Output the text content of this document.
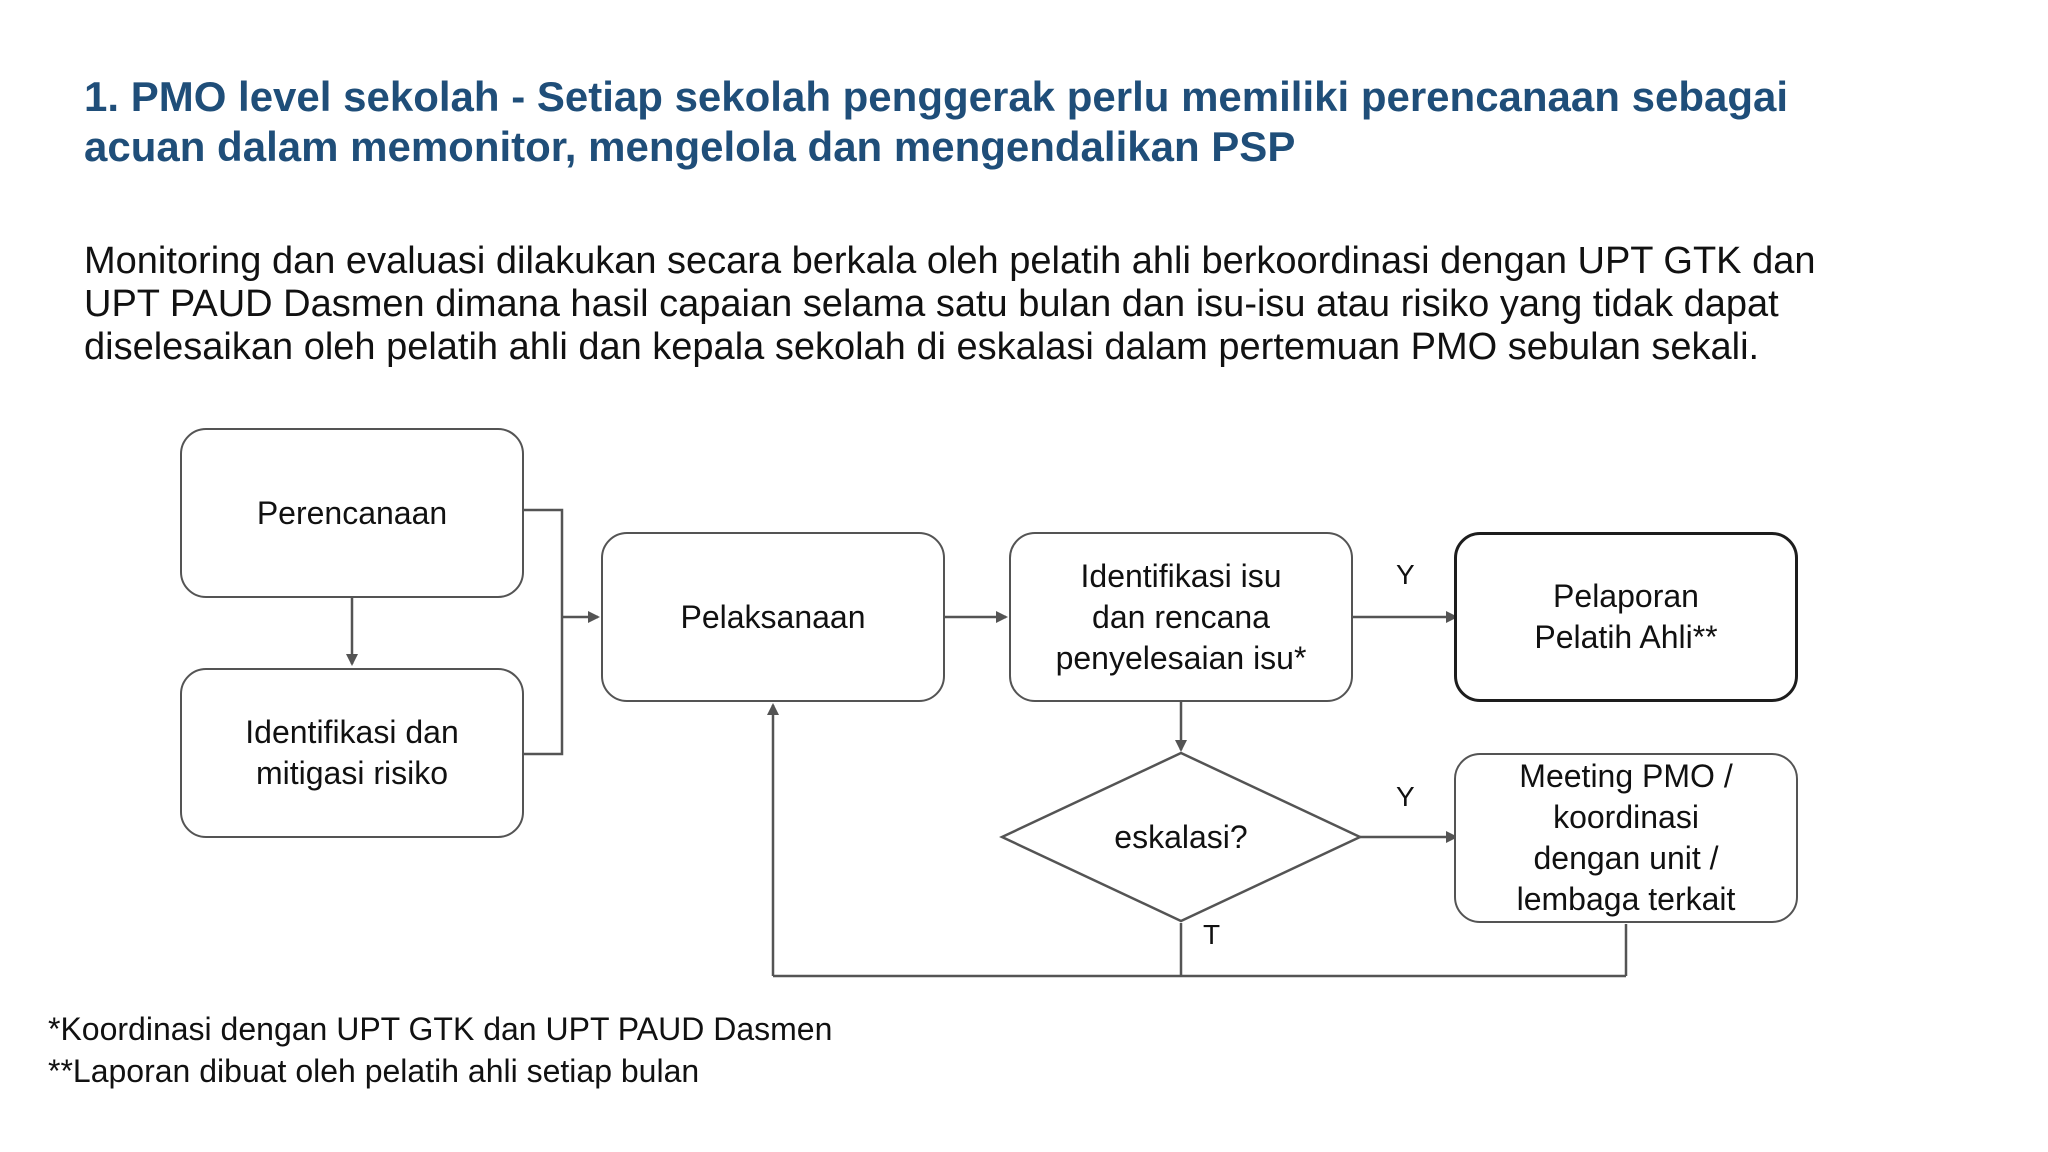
1. PMO level sekolah - Setiap sekolah penggerak perlu memiliki perencanaan sebagai
acuan dalam memonitor, mengelola dan mengendalikan PSP

Monitoring dan evaluasi dilakukan secara berkala oleh pelatih ahli berkoordinasi dengan UPT GTK dan
UPT PAUD Dasmen dimana hasil capaian selama satu bulan dan isu-isu atau risiko yang tidak dapat
diselesaikan oleh pelatih ahli dan kepala sekolah di eskalasi dalam pertemuan PMO sebulan sekali.

Perencanaan
Identifikasi dan
mitigasi risiko
Pelaksanaan
Identifikasi isu
dan rencana
penyelesaian isu*
Pelaporan
Pelatih Ahli**
Meeting PMO /
koordinasi
dengan unit /
lembaga terkait
eskalasi?
Y
Y
T
*Koordinasi dengan UPT GTK dan UPT PAUD Dasmen
**Laporan dibuat oleh pelatih ahli setiap bulan
